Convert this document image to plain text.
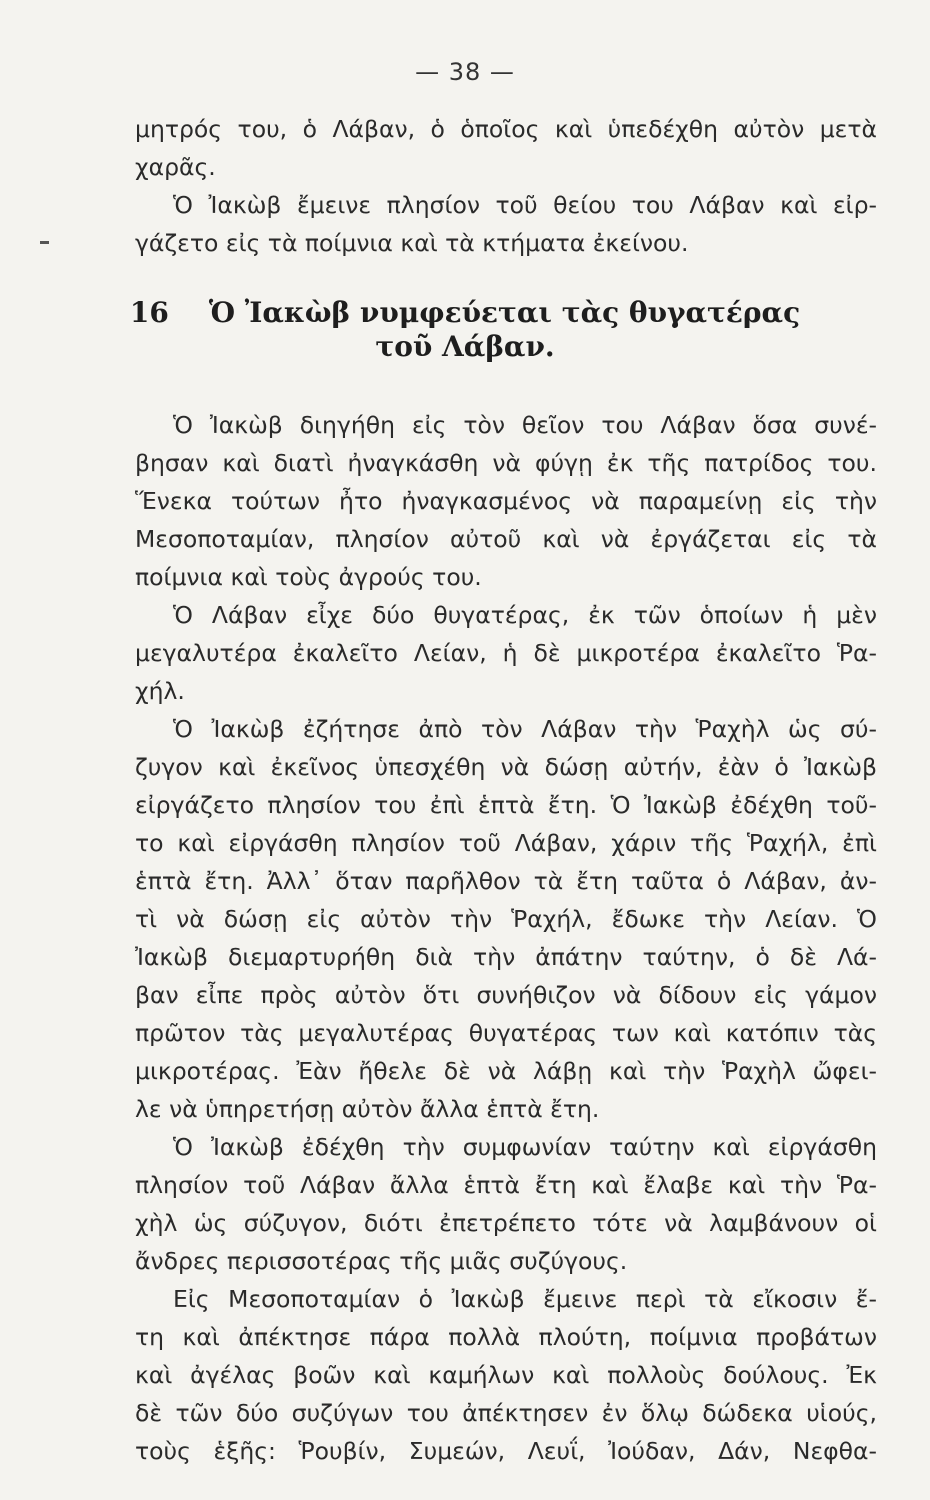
— 38 —
μητρός του, ὁ Λάβαν, ὁ ὁποῖος καὶ ὑπεδέχθη αὐτὸν μετὰ
χαρᾶς.
Ὁ Ἰακὼβ ἔμεινε πλησίον τοῦ θείου του Λάβαν καὶ εἰρ-
γάζετο εἰς τὰ ποίμνια καὶ τὰ κτήματα ἐκείνου.
16 Ὁ Ἰακὼβ νυμφεύεται τὰς θυγατέρας
τοῦ Λάβαν.
Ὁ Ἰακὼβ διηγήθη εἰς τὸν θεῖον του Λάβαν ὅσα συνέ-
βησαν καὶ διατὶ ἠναγκάσθη νὰ φύγῃ ἐκ τῆς πατρίδος του.
Ἕνεκα τούτων ἦτο ἠναγκασμένος νὰ παραμείνῃ εἰς τὴν
Μεσοποταμίαν, πλησίον αὐτοῦ καὶ νὰ ἐργάζεται εἰς τὰ
ποίμνια καὶ τοὺς ἀγρούς του.
Ὁ Λάβαν εἶχε δύο θυγατέρας, ἐκ τῶν ὁποίων ἡ μὲν
μεγαλυτέρα ἐκαλεῖτο Λείαν, ἡ δὲ μικροτέρα ἐκαλεῖτο Ῥα-
χήλ.
Ὁ Ἰακὼβ ἐζήτησε ἀπὸ τὸν Λάβαν τὴν Ῥαχὴλ ὡς σύ-
ζυγον καὶ ἐκεῖνος ὑπεσχέθη νὰ δώσῃ αὐτήν, ἐὰν ὁ Ἰακὼβ
εἰργάζετο πλησίον του ἐπὶ ἑπτὰ ἔτη. Ὁ Ἰακὼβ ἐδέχθη τοῦ-
το καὶ εἰργάσθη πλησίον τοῦ Λάβαν, χάριν τῆς Ῥαχήλ, ἐπὶ
ἑπτὰ ἔτη. Ἀλλ᾿ ὅταν παρῆλθον τὰ ἔτη ταῦτα ὁ Λάβαν, ἀν-
τὶ νὰ δώσῃ εἰς αὐτὸν τὴν Ῥαχήλ, ἔδωκε τὴν Λείαν. Ὁ
Ἰακὼβ διεμαρτυρήθη διὰ τὴν ἀπάτην ταύτην, ὁ δὲ Λά-
βαν εἶπε πρὸς αὐτὸν ὅτι συνήθιζον νὰ δίδουν εἰς γάμον
πρῶτον τὰς μεγαλυτέρας θυγατέρας των καὶ κατόπιν τὰς
μικροτέρας. Ἐὰν ἤθελε δὲ νὰ λάβῃ καὶ τὴν Ῥαχὴλ ὤφει-
λε νὰ ὑπηρετήσῃ αὐτὸν ἄλλα ἑπτὰ ἔτη.
Ὁ Ἰακὼβ ἐδέχθη τὴν συμφωνίαν ταύτην καὶ εἰργάσθη
πλησίον τοῦ Λάβαν ἄλλα ἑπτὰ ἔτη καὶ ἔλαβε καὶ τὴν Ῥα-
χὴλ ὡς σύζυγον, διότι ἐπετρέπετο τότε νὰ λαμβάνουν οἱ
ἄνδρες περισσοτέρας τῆς μιᾶς συζύγους.
Εἰς Μεσοποταμίαν ὁ Ἰακὼβ ἔμεινε περὶ τὰ εἴκοσιν ἔ-
τη καὶ ἀπέκτησε πάρα πολλὰ πλούτη, ποίμνια προβάτων
καὶ ἀγέλας βοῶν καὶ καμήλων καὶ πολλοὺς δούλους. Ἐκ
δὲ τῶν δύο συζύγων του ἀπέκτησεν ἐν ὅλῳ δώδεκα υἱούς,
τοὺς ἑξῆς: Ῥουβίν, Συμεών, Λευΐ, Ἰούδαν, Δάν, Νεφθα-
